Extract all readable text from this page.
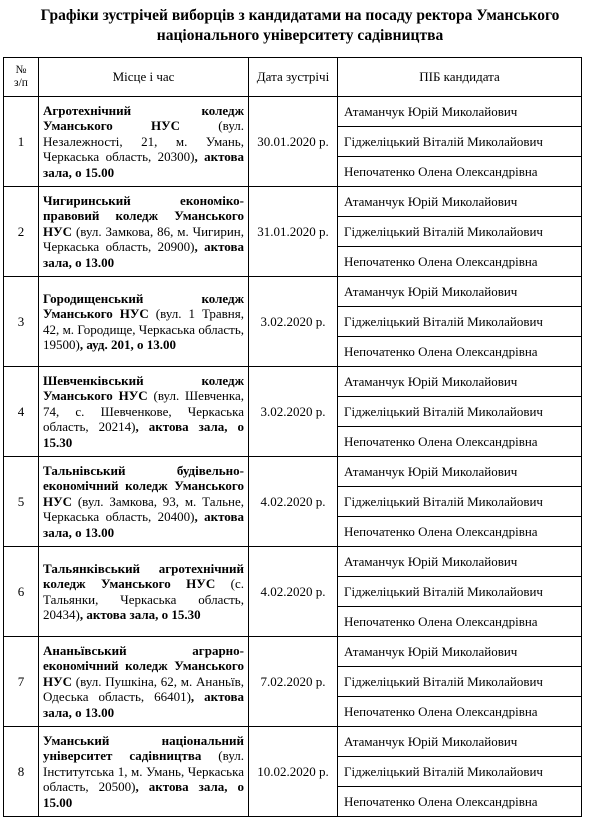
Графіки зустрічей виборців з кандидатами на посаду ректора Уманського
національного університету садівництва
№
з/п	Місце і час	Дата зустрічі	ПІБ кандидата
1	Агротехнічний коледж Уманського НУС (вул. Незалежності, 21, м. Умань, Черкаська область, 20300), актова зала, о 15.00	30.01.2020 р.	Атаманчук Юрій Миколайович
			Гіджеліцький Віталій Миколайович
			Непочатенко Олена Олександрівна
2	Чигиринський економіко-правовий коледж Уманського НУС (вул. Замкова, 86, м. Чигирин, Черкаська область, 20900), актова зала, о 13.00	31.01.2020 р.	Атаманчук Юрій Миколайович
			Гіджеліцький Віталій Миколайович
			Непочатенко Олена Олександрівна
3	Городищенський коледж Уманського НУС (вул. 1 Травня, 42, м. Городище, Черкаська область, 19500), ауд. 201, о 13.00	3.02.2020 р.	Атаманчук Юрій Миколайович
			Гіджеліцький Віталій Миколайович
			Непочатенко Олена Олександрівна
4	Шевченківський коледж Уманського НУС (вул. Шевченка, 74, с. Шевченкове, Черкаська область, 20214), актова зала, о 15.30	3.02.2020 р.	Атаманчук Юрій Миколайович
			Гіджеліцький Віталій Миколайович
			Непочатенко Олена Олександрівна
5	Тальнівський будівельно-економічний коледж Уманського НУС (вул. Замкова, 93, м. Тальне, Черкаська область, 20400), актова зала, о 13.00	4.02.2020 р.	Атаманчук Юрій Миколайович
			Гіджеліцький Віталій Миколайович
			Непочатенко Олена Олександрівна
6	Тальянківський агротехнічний коледж Уманського НУС (с. Тальянки, Черкаська область, 20434), актова зала, о 15.30	4.02.2020 р.	Атаманчук Юрій Миколайович
			Гіджеліцький Віталій Миколайович
			Непочатенко Олена Олександрівна
7	Ананьївський аграрно-економічний коледж Уманського НУС (вул. Пушкіна, 62, м. Ананьїв, Одеська область, 66401), актова зала, о 13.00	7.02.2020 р.	Атаманчук Юрій Миколайович
			Гіджеліцький Віталій Миколайович
			Непочатенко Олена Олександрівна
8	Уманський національний університет садівництва (вул. Інститутська 1, м. Умань, Черкаська область, 20500), актова зала, о 15.00	10.02.2020 р.	Атаманчук Юрій Миколайович
			Гіджеліцький Віталій Миколайович
			Непочатенко Олена Олександрівна
